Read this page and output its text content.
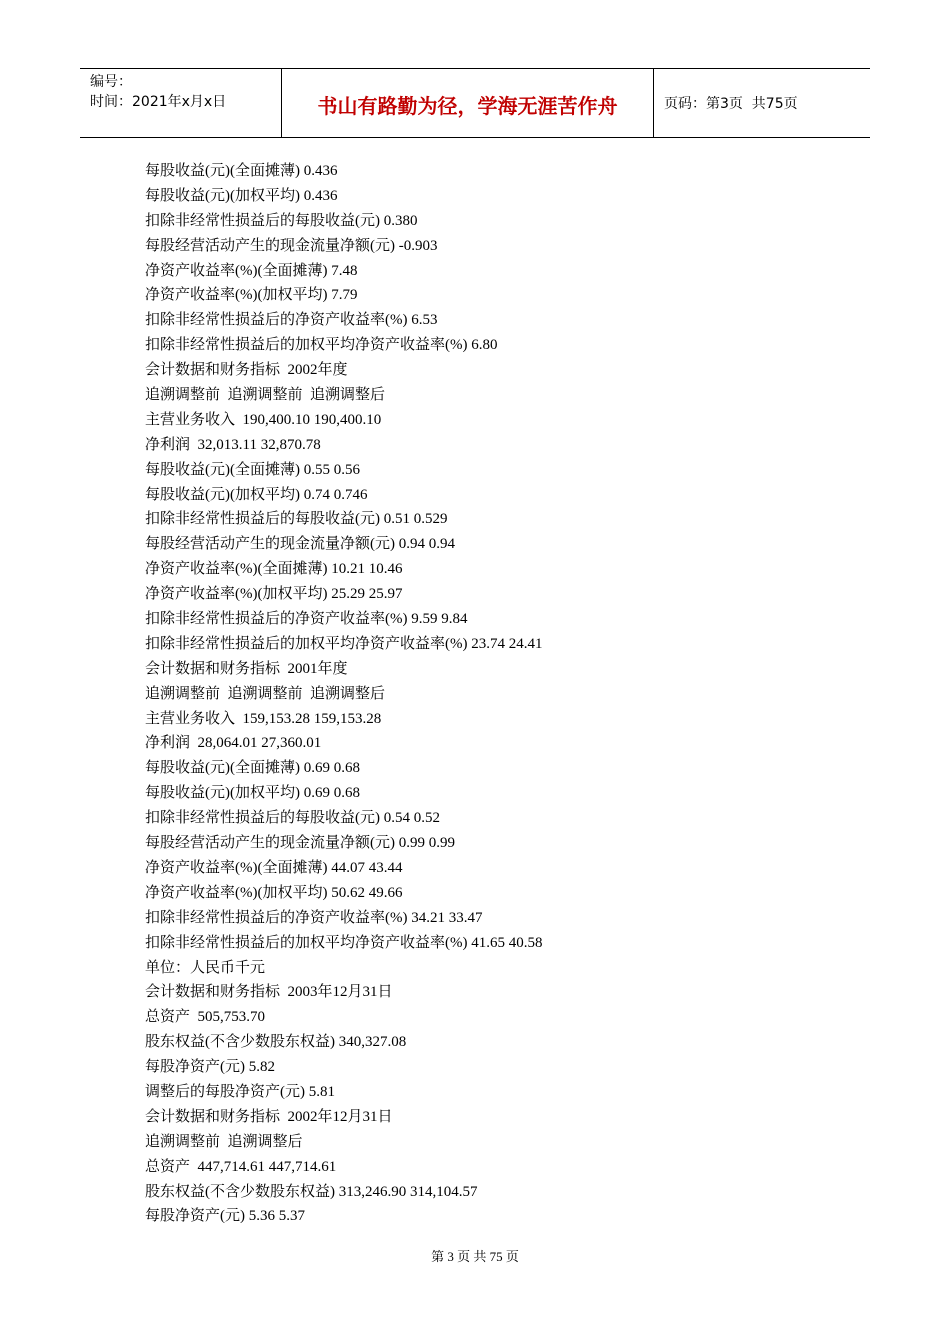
编号：
时间：2021年x月x日	书山有路勤为径，学海无涯苦作舟	页码：第3页  共75页
每股收益(元)(全面摊薄) 0.436
每股收益(元)(加权平均) 0.436
扣除非经常性损益后的每股收益(元) 0.380
每股经营活动产生的现金流量净额(元) -0.903
净资产收益率(%)(全面摊薄) 7.48
净资产收益率(%)(加权平均) 7.79
扣除非经常性损益后的净资产收益率(%) 6.53
扣除非经常性损益后的加权平均净资产收益率(%) 6.80
会计数据和财务指标  2002年度
追溯调整前  追溯调整前  追溯调整后
主营业务收入  190,400.10 190,400.10
净利润  32,013.11 32,870.78
每股收益(元)(全面摊薄) 0.55 0.56
每股收益(元)(加权平均) 0.74 0.746
扣除非经常性损益后的每股收益(元) 0.51 0.529
每股经营活动产生的现金流量净额(元) 0.94 0.94
净资产收益率(%)(全面摊薄) 10.21 10.46
净资产收益率(%)(加权平均) 25.29 25.97
扣除非经常性损益后的净资产收益率(%) 9.59 9.84
扣除非经常性损益后的加权平均净资产收益率(%) 23.74 24.41
会计数据和财务指标  2001年度
追溯调整前  追溯调整前  追溯调整后
主营业务收入  159,153.28 159,153.28
净利润  28,064.01 27,360.01
每股收益(元)(全面摊薄) 0.69 0.68
每股收益(元)(加权平均) 0.69 0.68
扣除非经常性损益后的每股收益(元) 0.54 0.52
每股经营活动产生的现金流量净额(元) 0.99 0.99
净资产收益率(%)(全面摊薄) 44.07 43.44
净资产收益率(%)(加权平均) 50.62 49.66
扣除非经常性损益后的净资产收益率(%) 34.21 33.47
扣除非经常性损益后的加权平均净资产收益率(%) 41.65 40.58
单位：人民币千元
会计数据和财务指标  2003年12月31日
总资产  505,753.70
股东权益(不含少数股东权益) 340,327.08
每股净资产(元) 5.82
调整后的每股净资产(元) 5.81
会计数据和财务指标  2002年12月31日
追溯调整前  追溯调整后
总资产  447,714.61 447,714.61
股东权益(不含少数股东权益) 313,246.90 314,104.57
每股净资产(元) 5.36 5.37
第 3 页 共 75 页
